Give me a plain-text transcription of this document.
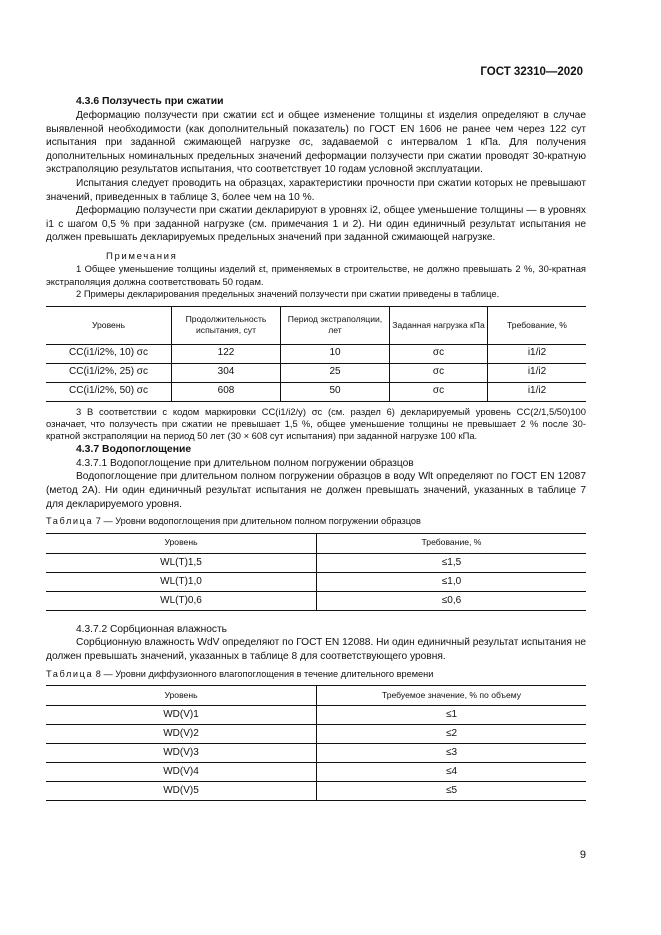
ГОСТ 32310—2020
4.3.6 Ползучесть при сжатии

Деформацию ползучести при сжатии εct и общее изменение толщины εt изделия определяют в случае выявленной необходимости (как дополнительный показатель) по ГОСТ EN 1606 не ранее чем через 122 сут испытания при заданной сжимающей нагрузке σc, задаваемой с интервалом 1 кПа. Для получения дополнительных номинальных предельных значений деформации ползучести при сжатии проводят 30-кратную экстраполяцию результатов испытания, что соответствует 10 годам условной эксплуатации.

Испытания следует проводить на образцах, характеристики прочности при сжатии которых не превышают значений, приведенных в таблице 3, более чем на 10 %.

Деформацию ползучести при сжатии декларируют в уровнях i2, общее уменьшение толщины — в уровнях i1 с шагом 0,5 % при заданной нагрузке (см. примечания 1 и 2). Ни один единичный результат испытания не должен превышать декларируемых предельных значений при заданной сжимающей нагрузке.

Примечания

1 Общее уменьшение толщины изделий εt, применяемых в строительстве, не должно превышать 2 %, 30-кратная экстраполяция должна соответствовать 50 годам.

2 Примеры декларирования предельных значений ползучести при сжатии приведены в таблице.

Уровень	Продолжительность испытания, сут	Период экстраполяции, лет	Заданная нагрузка кПа	Требование, %
CC(i1/i2%, 10) σc	122	10	σc	i1/i2
CC(i1/i2%, 25) σc	304	25	σc	i1/i2
CC(i1/i2%, 50) σc	608	50	σc	i1/i2

3 В соответствии с кодом маркировки CC(i1/i2/y) σc (см. раздел 6) декларируемый уровень CC(2/1,5/50)100 означает, что ползучесть при сжатии не превышает 1,5 %, общее уменьшение толщины не превышает 2 % после 30-кратной экстраполяции на период 50 лет (30 × 608 сут испытания) при заданной нагрузке 100 кПа.

4.3.7 Водопоглощение

4.3.7.1 Водопоглощение при длительном полном погружении образцов

Водопоглощение при длительном полном погружении образцов в воду Wlt определяют по ГОСТ EN 12087 (метод 2А). Ни один единичный результат испытания не должен превышать значений, указанных в таблице 7 для декларируемого уровня.

Таблица 7 — Уровни водопоглощения при длительном полном погружении образцов
Уровень	Требование, %
WL(T)1,5	≤1,5
WL(T)1,0	≤1,0
WL(T)0,6	≤0,6

4.3.7.2 Сорбционная влажность

Сорбционную влажность WdV определяют по ГОСТ EN 12088. Ни один единичный результат испытания не должен превышать значений, указанных в таблице 8 для соответствующего уровня.

Таблица 8 — Уровни диффузионного влагопоглощения в течение длительного времени
Уровень	Требуемое значение, % по объему
WD(V)1	≤1
WD(V)2	≤2
WD(V)3	≤3
WD(V)4	≤4
WD(V)5	≤5
9
